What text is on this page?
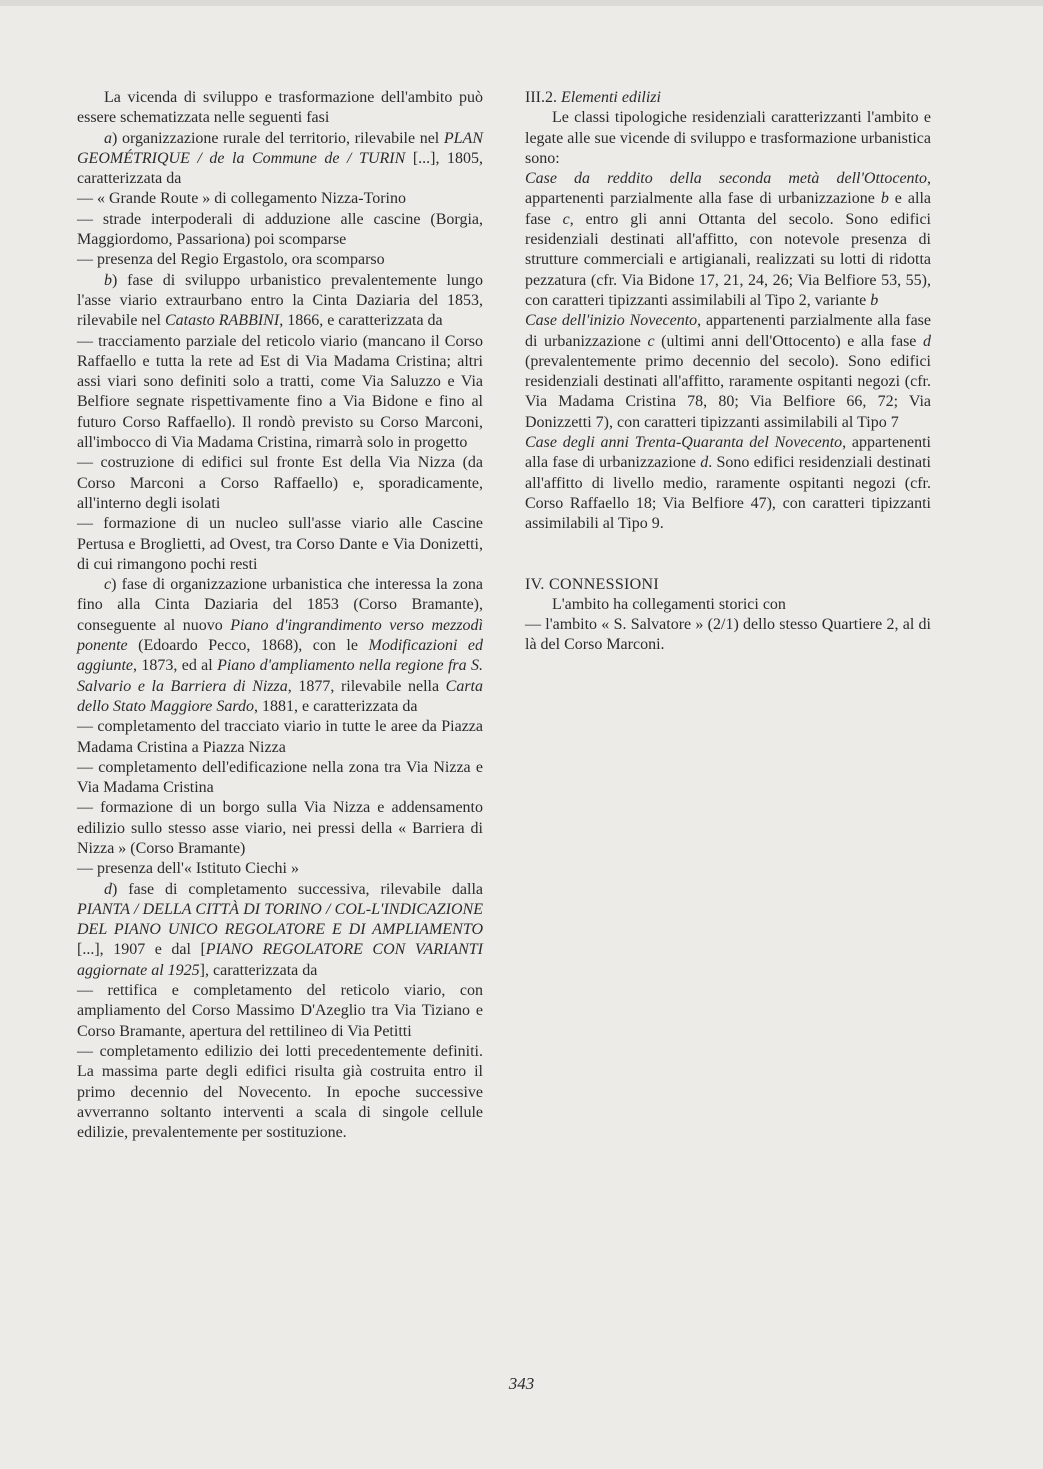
La vicenda di sviluppo e trasformazione dell'ambito può essere schematizzata nelle seguenti fasi

a) organizzazione rurale del territorio, rilevabile nel PLAN GEOMÉTRIQUE / de la Commune de / TURIN [...], 1805, caratterizzata da

— « Grande Route » di collegamento Nizza-Torino

— strade interpoderali di adduzione alle cascine (Borgia, Maggiordomo, Passariona) poi scomparse

— presenza del Regio Ergastolo, ora scomparso

b) fase di sviluppo urbanistico prevalentemente lungo l'asse viario extraurbano entro la Cinta Daziaria del 1853, rilevabile nel Catasto RABBINI, 1866, e caratterizzata da

— tracciamento parziale del reticolo viario (mancano il Corso Raffaello e tutta la rete ad Est di Via Madama Cristina; altri assi viari sono definiti solo a tratti, come Via Saluzzo e Via Belfiore segnate rispettivamente fino a Via Bidone e fino al futuro Corso Raffaello). Il rondò previsto su Corso Marconi, all'imbocco di Via Madama Cristina, rimarrà solo in progetto

— costruzione di edifici sul fronte Est della Via Nizza (da Corso Marconi a Corso Raffaello) e, sporadicamente, all'interno degli isolati

— formazione di un nucleo sull'asse viario alle Cascine Pertusa e Broglietti, ad Ovest, tra Corso Dante e Via Donizetti, di cui rimangono pochi resti

c) fase di organizzazione urbanistica che interessa la zona fino alla Cinta Daziaria del 1853 (Corso Bramante), conseguente al nuovo Piano d'ingrandimento verso mezzodì ponente (Edoardo Pecco, 1868), con le Modificazioni ed aggiunte, 1873, ed al Piano d'ampliamento nella regione fra S. Salvario e la Barriera di Nizza, 1877, rilevabile nella Carta dello Stato Maggiore Sardo, 1881, e caratterizzata da

— completamento del tracciato viario in tutte le aree da Piazza Madama Cristina a Piazza Nizza

— completamento dell'edificazione nella zona tra Via Nizza e Via Madama Cristina

— formazione di un borgo sulla Via Nizza e addensamento edilizio sullo stesso asse viario, nei pressi della « Barriera di Nizza » (Corso Bramante)

— presenza dell'« Istituto Ciechi »

d) fase di completamento successiva, rilevabile dalla PIANTA / DELLA CITTÀ DI TORINO / COL-L'INDICAZIONE DEL PIANO UNICO REGOLATORE E DI AMPLIAMENTO [...], 1907 e dal [PIANO REGOLATORE CON VARIANTI aggiornate al 1925], caratterizzata da

— rettifica e completamento del reticolo viario, con ampliamento del Corso Massimo D'Azeglio tra Via Tiziano e Corso Bramante, apertura del rettilineo di Via Petitti

— completamento edilizio dei lotti precedentemente definiti. La massima parte degli edifici risulta già costruita entro il primo decennio del Novecento. In epoche successive avverranno soltanto interventi a scala di singole cellule edilizie, prevalentemente per sostituzione.

III.2. Elementi edilizi

Le classi tipologiche residenziali caratterizzanti l'ambito e legate alle sue vicende di sviluppo e trasformazione urbanistica sono:

Case da reddito della seconda metà dell'Ottocento, appartenenti parzialmente alla fase di urbanizzazione b e alla fase c, entro gli anni Ottanta del secolo. Sono edifici residenziali destinati all'affitto, con notevole presenza di strutture commerciali e artigianali, realizzati su lotti di ridotta pezzatura (cfr. Via Bidone 17, 21, 24, 26; Via Belfiore 53, 55), con caratteri tipizzanti assimilabili al Tipo 2, variante b

Case dell'inizio Novecento, appartenenti parzialmente alla fase di urbanizzazione c (ultimi anni dell'Ottocento) e alla fase d (prevalentemente primo decennio del secolo). Sono edifici residenziali destinati all'affitto, raramente ospitanti negozi (cfr. Via Madama Cristina 78, 80; Via Belfiore 66, 72; Via Donizzetti 7), con caratteri tipizzanti assimilabili al Tipo 7

Case degli anni Trenta-Quaranta del Novecento, appartenenti alla fase di urbanizzazione d. Sono edifici residenziali destinati all'affitto di livello medio, raramente ospitanti negozi (cfr. Corso Raffaello 18; Via Belfiore 47), con caratteri tipizzanti assimilabili al Tipo 9.

IV. CONNESSIONI

L'ambito ha collegamenti storici con

— l'ambito « S. Salvatore » (2/1) dello stesso Quartiere 2, al di là del Corso Marconi.

343
